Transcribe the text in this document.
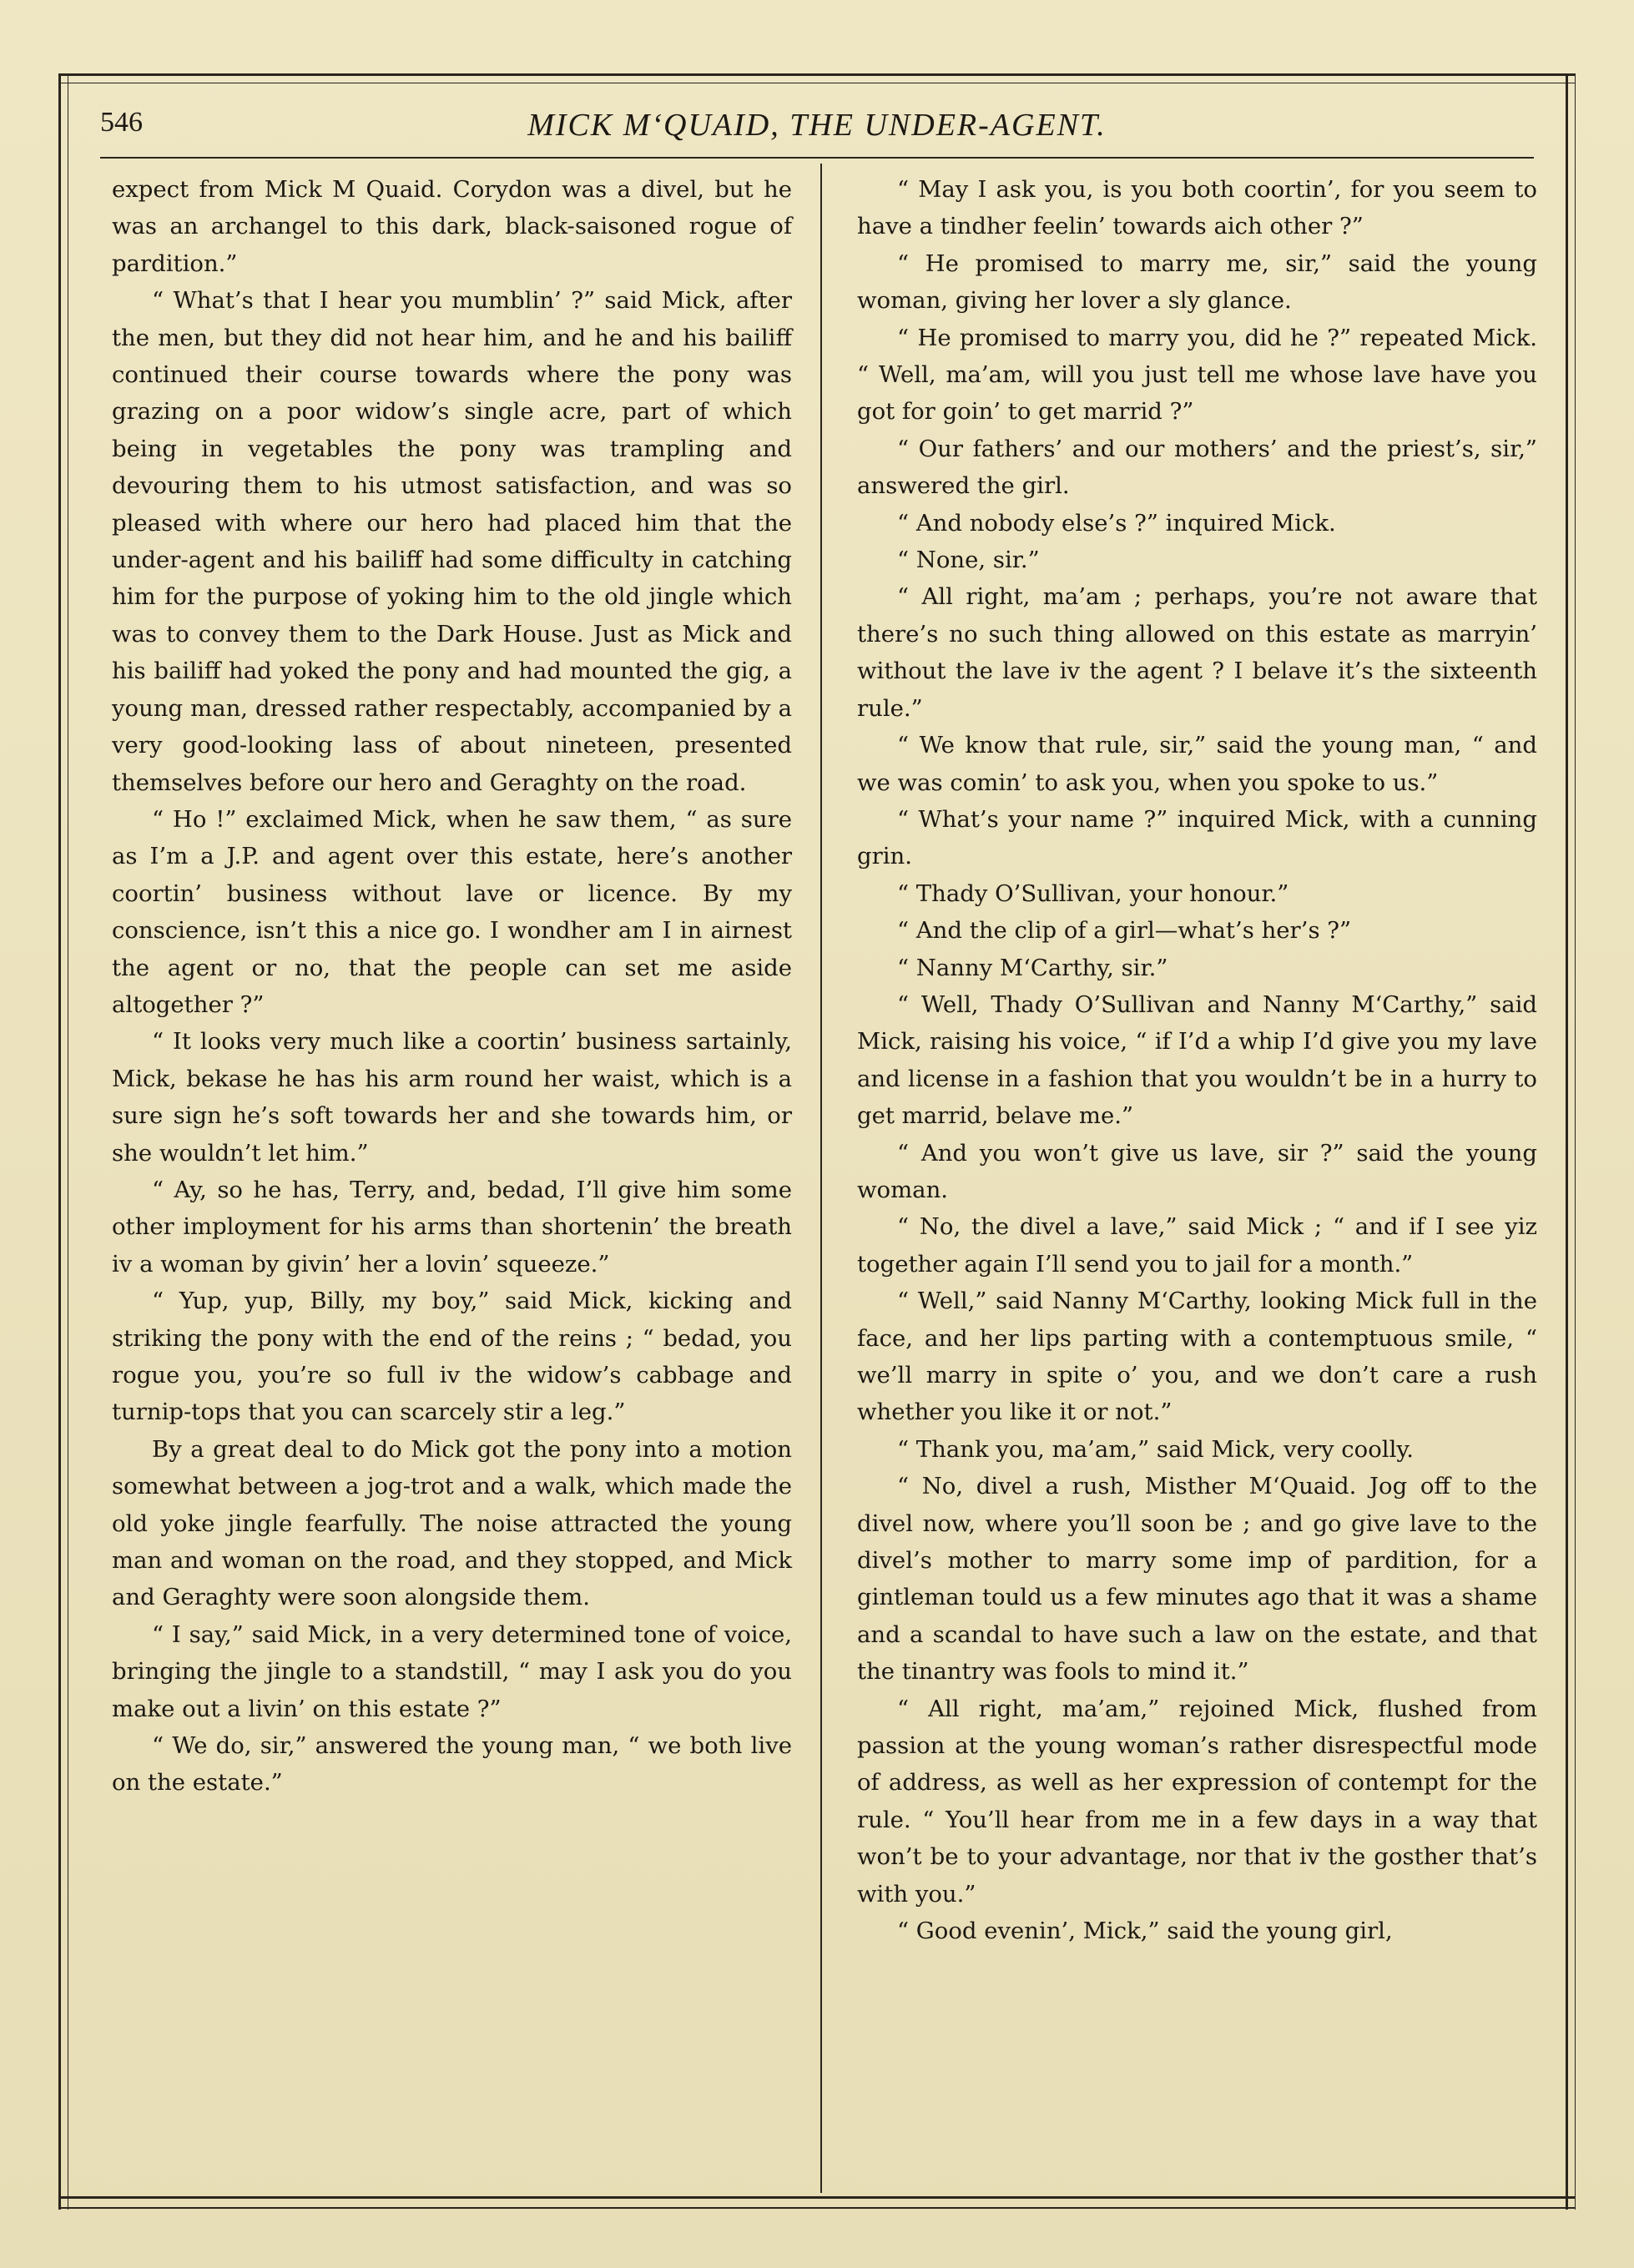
546	MICK M‘QUAID, THE UNDER-AGENT.

expect from Mick M Quaid. Corydon was a divel, but he was an archangel to this dark, black-saisoned rogue of pardition.”

“ What’s that I hear you mumblin’ ?” said Mick, after the men, but they did not hear him, and he and his bailiff continued their course towards where the pony was grazing on a poor widow’s single acre, part of which being in vegetables the pony was trampling and devouring them to his utmost satisfaction, and was so pleased with where our hero had placed him that the under-agent and his bailiff had some difficulty in catching him for the purpose of yoking him to the old jingle which was to convey them to the Dark House. Just as Mick and his bailiff had yoked the pony and had mounted the gig, a young man, dressed rather respectably, accompanied by a very good-looking lass of about nineteen, presented themselves before our hero and Geraghty on the road.

“ Ho !” exclaimed Mick, when he saw them, “ as sure as I’m a J.P. and agent over this estate, here’s another coortin’ business without lave or licence. By my conscience, isn’t this a nice go. I wondher am I in airnest the agent or no, that the people can set me aside altogether ?”

“ It looks very much like a coortin’ business sartainly, Mick, bekase he has his arm round her waist, which is a sure sign he’s soft towards her and she towards him, or she wouldn’t let him.”

“ Ay, so he has, Terry, and, bedad, I’ll give him some other imployment for his arms than shortenin’ the breath iv a woman by givin’ her a lovin’ squeeze.”

“ Yup, yup, Billy, my boy,” said Mick, kicking and striking the pony with the end of the reins ; “ bedad, you rogue you, you’re so full iv the widow’s cabbage and turnip-tops that you can scarcely stir a leg.”

By a great deal to do Mick got the pony into a motion somewhat between a jog-trot and a walk, which made the old yoke jingle fearfully. The noise attracted the young man and woman on the road, and they stopped, and Mick and Geraghty were soon alongside them.

“ I say,” said Mick, in a very determined tone of voice, bringing the jingle to a standstill, “ may I ask you do you make out a livin’ on this estate ?”

“ We do, sir,” answered the young man, “ we both live on the estate.”

“ May I ask you, is you both coortin’, for you seem to have a tindher feelin’ towards aich other ?”

“ He promised to marry me, sir,” said the young woman, giving her lover a sly glance.

“ He promised to marry you, did he ?” repeated Mick. “ Well, ma’am, will you just tell me whose lave have you got for goin’ to get marrid ?”

“ Our fathers’ and our mothers’ and the priest’s, sir,” answered the girl.

“ And nobody else’s ?” inquired Mick.

“ None, sir.”

“ All right, ma’am ; perhaps, you’re not aware that there’s no such thing allowed on this estate as marryin’ without the lave iv the agent ? I belave it’s the sixteenth rule.”

“ We know that rule, sir,” said the young man, “ and we was comin’ to ask you, when you spoke to us.”

“ What’s your name ?” inquired Mick, with a cunning grin.

“ Thady O’Sullivan, your honour.”

“ And the clip of a girl—what’s her’s ?”

“ Nanny M‘Carthy, sir.”

“ Well, Thady O’Sullivan and Nanny M‘Carthy,” said Mick, raising his voice, “ if I’d a whip I’d give you my lave and license in a fashion that you wouldn’t be in a hurry to get marrid, belave me.”

“ And you won’t give us lave, sir ?” said the young woman.

“ No, the divel a lave,” said Mick ; “ and if I see yiz together again I’ll send you to jail for a month.”

“ Well,” said Nanny M‘Carthy, looking Mick full in the face, and her lips parting with a contemptuous smile, “ we’ll marry in spite o’ you, and we don’t care a rush whether you like it or not.”

“ Thank you, ma’am,” said Mick, very coolly.

“ No, divel a rush, Misther M‘Quaid. Jog off to the divel now, where you’ll soon be ; and go give lave to the divel’s mother to marry some imp of pardition, for a gintleman tould us a few minutes ago that it was a shame and a scandal to have such a law on the estate, and that the tinantry was fools to mind it.”

“ All right, ma’am,” rejoined Mick, flushed from passion at the young woman’s rather disrespectful mode of address, as well as her expression of contempt for the rule. “ You’ll hear from me in a few days in a way that won’t be to your advantage, nor that iv the gosther that’s with you.”

“ Good evenin’, Mick,” said the young girl,
